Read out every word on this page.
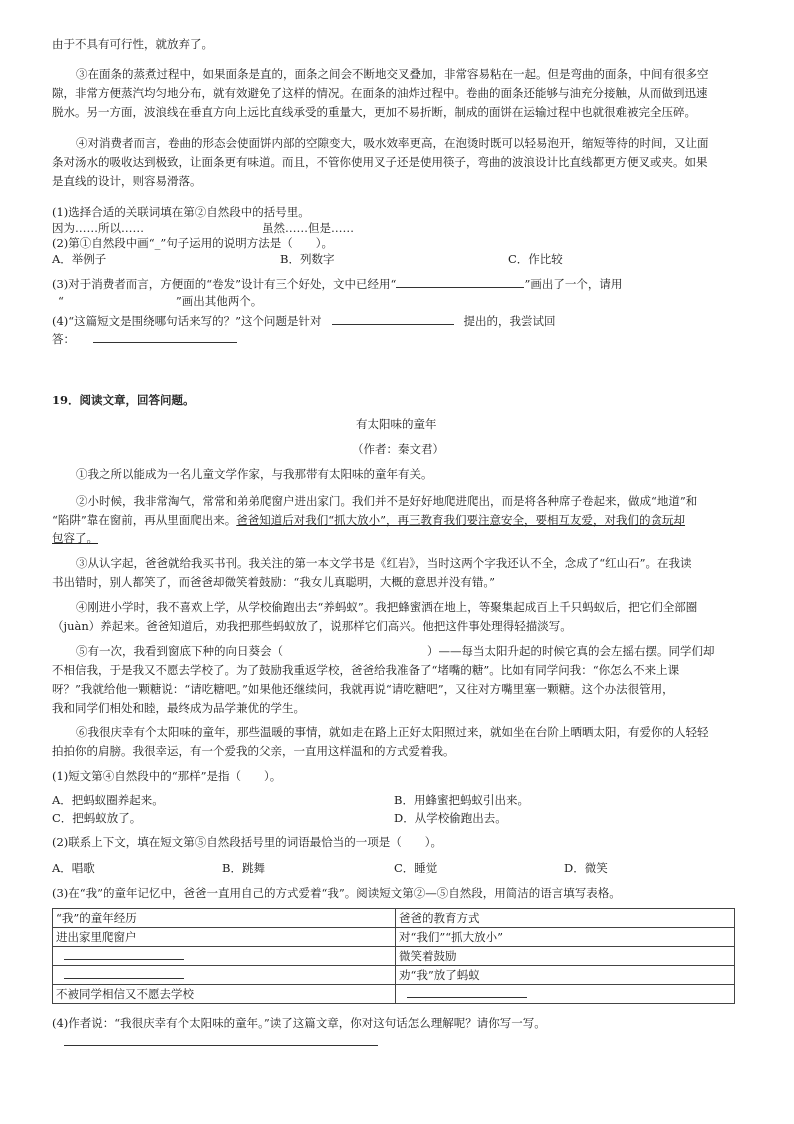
由于不具有可行性，就放弃了。
③在面条的蒸煮过程中，如果面条是直的，面条之间会不断地交叉叠加，非常容易粘在一起。但是弯曲的面条，中间有很多空
隙，非常方便蒸汽均匀地分布，就有效避免了这样的情况。在面条的油炸过程中。卷曲的面条还能够与油充分接触，从而做到迅速
脱水。另一方面，波浪线在垂直方向上远比直线承受的重量大，更加不易折断，制成的面饼在运输过程中也就很难被完全压碎。
④对消费者而言，卷曲的形态会使面饼内部的空隙变大，吸水效率更高，在泡烫时既可以轻易泡开，缩短等待的时间，又让面
条对汤水的吸收达到极致，让面条更有味道。而且，不管你使用叉子还是使用筷子，弯曲的波浪设计比直线都更方便叉或夹。如果
是直线的设计，则容易滑落。
(1)选择合适的关联词填在第②自然段中的括号里。
因为……所以……	虽然……但是……
(2)第①自然段中画“_”句子运用的说明方法是（　　）。
A．举例子	B．列数字	C．作比较
(3)对于消费者而言，方便面的“卷发”设计有三个好处，文中已经用“	”画出了一个，请用
“	”画出其他两个。
(4)“这篇短文是围绕哪句话来写的？”这个问题是针对	提出的，我尝试回
答：
19．阅读文章，回答问题。
有太阳味的童年
（作者：秦文君）
①我之所以能成为一名儿童文学作家，与我那带有太阳味的童年有关。
②小时候，我非常淘气，常常和弟弟爬窗户进出家门。我们并不是好好地爬进爬出，而是将各种席子卷起来，做成“地道”和
“陷阱”靠在窗前，再从里面爬出来。爸爸知道后对我们“抓大放小”，再三教育我们要注意安全，要相互友爱，对我们的贪玩却
包容了。
③从认字起，爸爸就给我买书刊。我关注的第一本文学书是《红岩》，当时这两个字我还认不全，念成了“红山石”。在我读
书出错时，别人都笑了，而爸爸却微笑着鼓励：“我女儿真聪明，大概的意思并没有错。”
④刚进小学时，我不喜欢上学，从学校偷跑出去“养蚂蚁”。我把蜂蜜洒在地上，等聚集起成百上千只蚂蚁后，把它们全部圈
（juàn）养起来。爸爸知道后，劝我把那些蚂蚁放了，说那样它们高兴。他把这件事处理得轻描淡写。
⑤有一次，我看到窗底下种的向日葵会（	）——每当太阳升起的时候它真的会左摇右摆。同学们却
不相信我，于是我又不愿去学校了。为了鼓励我重返学校，爸爸给我准备了“堵嘴的糖”。比如有同学问我：“你怎么不来上课
呀？”我就给他一颗糖说：“请吃糖吧。”如果他还继续问，我就再说“请吃糖吧”，又往对方嘴里塞一颗糖。这个办法很管用，
我和同学们相处和睦，最终成为品学兼优的学生。
⑥我很庆幸有个太阳味的童年，那些温暖的事情，就如走在路上正好太阳照过来，就如坐在台阶上晒晒太阳，有爱你的人轻轻
拍拍你的肩膀。我很幸运，有一个爱我的父亲，一直用这样温和的方式爱着我。
(1)短文第④自然段中的“那样”是指（　　）。
A．把蚂蚁圈养起来。	B．用蜂蜜把蚂蚁引出来。
C．把蚂蚁放了。	D．从学校偷跑出去。
(2)联系上下文，填在短文第⑤自然段括号里的词语最恰当的一项是（　　）。
A．唱歌	B．跳舞	C．睡觉	D．微笑
(3)在“我”的童年记忆中，爸爸一直用自己的方式爱着“我”。阅读短文第②—⑤自然段，用简洁的语言填写表格。
“我”的童年经历	爸爸的教育方式
进出家里爬窗户	对“我们”“抓大放小”
	微笑着鼓励
	劝“我”放了蚂蚁
不被同学相信又不愿去学校	
(4)作者说：“我很庆幸有个太阳味的童年。”读了这篇文章，你对这句话怎么理解呢？请你写一写。
